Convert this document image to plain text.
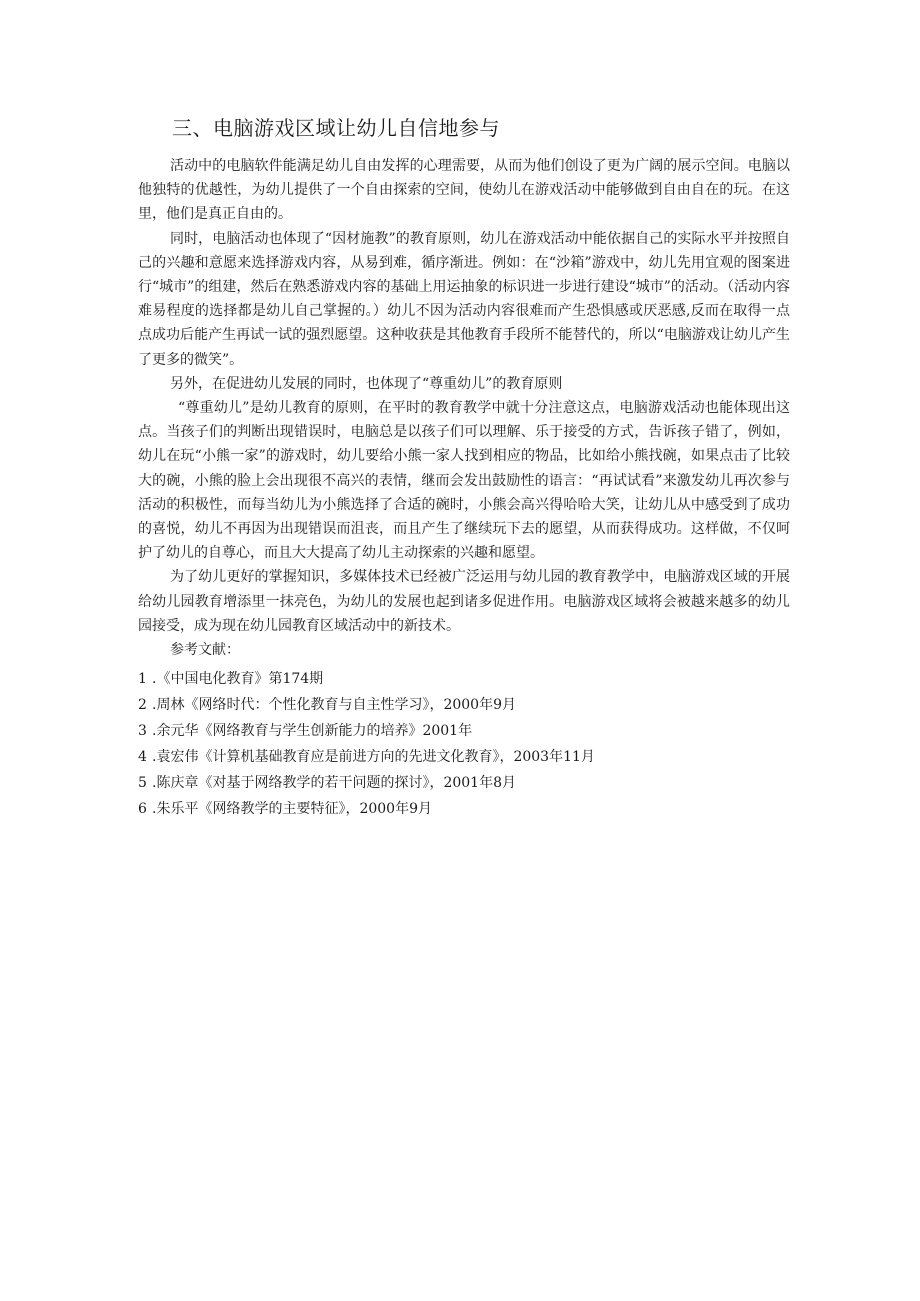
三、电脑游戏区域让幼儿自信地参与

活动中的电脑软件能满足幼儿自由发挥的心理需要，从而为他们创设了更为广阔的展示空间。电脑以他独特的优越性，为幼儿提供了一个自由探索的空间，使幼儿在游戏活动中能够做到自由自在的玩。在这里，他们是真正自由的。

同时，电脑活动也体现了“因材施教”的教育原则，幼儿在游戏活动中能依据自己的实际水平并按照自己的兴趣和意愿来选择游戏内容，从易到难，循序渐进。例如：在“沙箱”游戏中，幼儿先用宜观的图案进行“城市”的组建，然后在熟悉游戏内容的基础上用运抽象的标识进一步进行建设“城市”的活动。（活动内容难易程度的选择都是幼儿自己掌握的。）幼儿不因为活动内容很难而产生恐惧感或厌恶感,反而在取得一点点成功后能产生再试一试的强烈愿望。这种收获是其他教育手段所不能替代的，所以“电脑游戏让幼儿产生了更多的微笑”。

另外，在促进幼儿发展的同时，也体现了“尊重幼儿”的教育原则

“尊重幼儿”是幼儿教育的原则，在平时的教育教学中就十分注意这点，电脑游戏活动也能体现出这点。当孩子们的判断出现错误时，电脑总是以孩子们可以理解、乐于接受的方式，告诉孩子错了，例如，幼儿在玩“小熊一家”的游戏时，幼儿要给小熊一家人找到相应的物品，比如给小熊找碗，如果点击了比较大的碗，小熊的脸上会出现很不高兴的表情，继而会发出鼓励性的语言：“再试试看”来激发幼儿再次参与活动的积极性，而每当幼儿为小熊选择了合适的碗时，小熊会高兴得哈哈大笑，让幼儿从中感受到了成功的喜悦，幼儿不再因为出现错误而沮丧，而且产生了继续玩下去的愿望，从而获得成功。这样做，不仅呵护了幼儿的自尊心，而且大大提高了幼儿主动探索的兴趣和愿望。

为了幼儿更好的掌握知识，多媒体技术已经被广泛运用与幼儿园的教育教学中，电脑游戏区域的开展给幼儿园教育增添里一抹亮色，为幼儿的发展也起到诸多促进作用。电脑游戏区域将会被越来越多的幼儿园接受，成为现在幼儿园教育区域活动中的新技术。

参考文献：

1 .《中国电化教育》第174期
2 .周林《网络时代：个性化教育与自主性学习》，2000年9月
3 .余元华《网络教育与学生创新能力的培养》2001年
4 .袁宏伟《计算机基础教育应是前进方向的先进文化教育》，2003年11月
5 .陈庆章《对基于网络教学的若干问题的探讨》，2001年8月
6 .朱乐平《网络教学的主要特征》，2000年9月
